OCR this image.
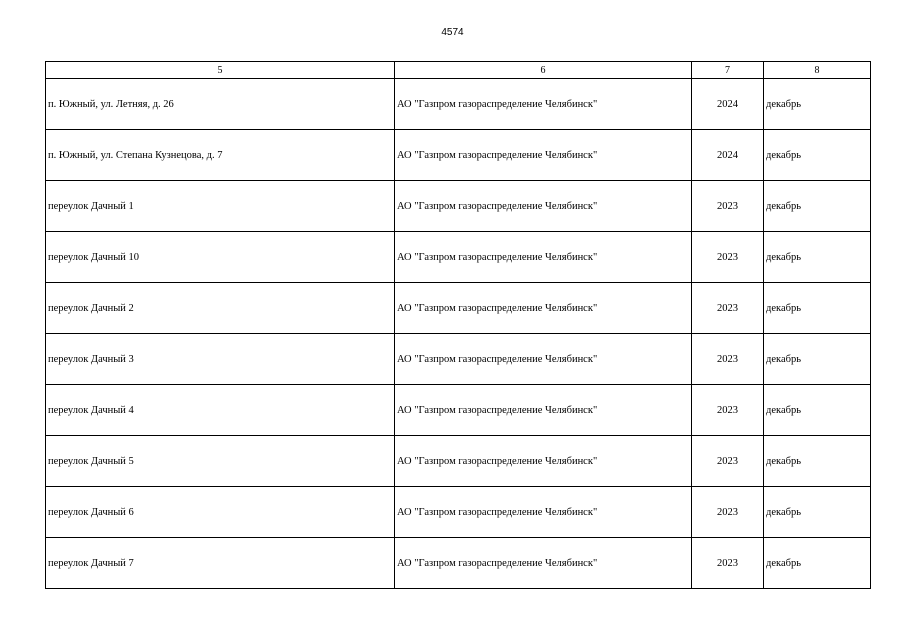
4574
5	6	7	8
п. Южный, ул. Летняя, д. 26	АО "Газпром газораспределение Челябинск"	2024	декабрь
п. Южный, ул. Степана Кузнецова, д. 7	АО "Газпром газораспределение Челябинск"	2024	декабрь
переулок Дачный 1	АО "Газпром газораспределение Челябинск"	2023	декабрь
переулок Дачный 10	АО "Газпром газораспределение Челябинск"	2023	декабрь
переулок Дачный 2	АО "Газпром газораспределение Челябинск"	2023	декабрь
переулок Дачный 3	АО "Газпром газораспределение Челябинск"	2023	декабрь
переулок Дачный 4	АО "Газпром газораспределение Челябинск"	2023	декабрь
переулок Дачный 5	АО "Газпром газораспределение Челябинск"	2023	декабрь
переулок Дачный 6	АО "Газпром газораспределение Челябинск"	2023	декабрь
переулок Дачный 7	АО "Газпром газораспределение Челябинск"	2023	декабрь
